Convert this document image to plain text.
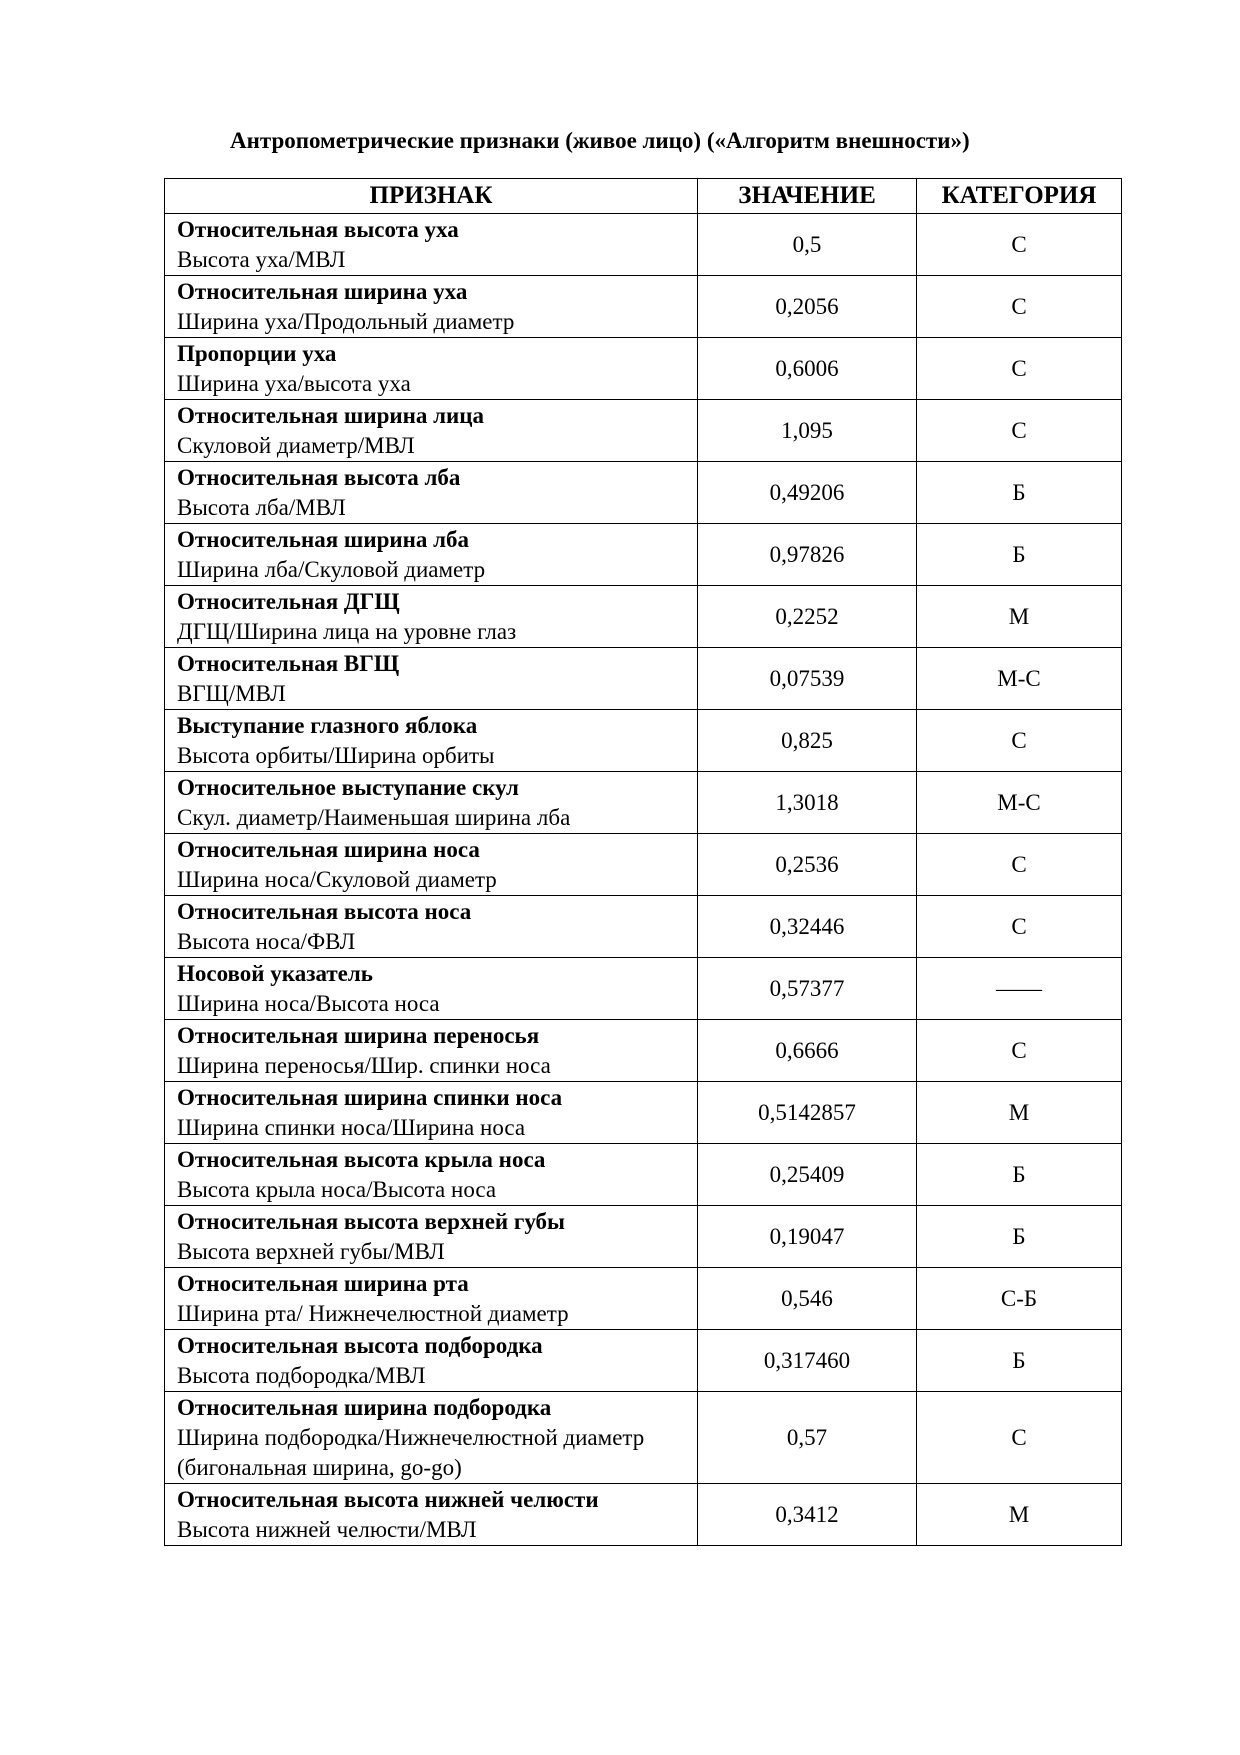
Антропометрические признаки (живое лицо) («Алгоритм внешности»)
ПРИЗНАК	ЗНАЧЕНИЕ	КАТЕГОРИЯ

Относительная высота уха
Высота уха/МВЛ	0,5	С

Относительная ширина уха
Ширина уха/Продольный диаметр	0,2056	С

Пропорции уха
Ширина уха/высота уха	0,6006	С

Относительная ширина лица
Скуловой диаметр/МВЛ	1,095	С

Относительная высота лба
Высота лба/МВЛ	0,49206	Б

Относительная ширина лба
Ширина лба/Скуловой диаметр	0,97826	Б

Относительная ДГЩ
ДГЩ/Ширина лица на уровне глаз	0,2252	М

Относительная ВГЩ
ВГЩ/МВЛ	0,07539	М-С

Выступание глазного яблока
Высота орбиты/Ширина орбиты	0,825	С

Относительное выступание скул
Скул. диаметр/Наименьшая ширина лба	1,3018	М-С

Относительная ширина носа
Ширина носа/Скуловой диаметр	0,2536	С

Относительная высота носа
Высота носа/ФВЛ	0,32446	С

Носовой указатель
Ширина носа/Высота носа	0,57377	——

Относительная ширина переносья
Ширина переносья/Шир. спинки носа	0,6666	С

Относительная ширина спинки носа
Ширина спинки носа/Ширина носа	0,5142857	М

Относительная высота крыла носа
Высота крыла носа/Высота носа	0,25409	Б

Относительная высота верхней губы
Высота верхней губы/МВЛ	0,19047	Б

Относительная ширина рта
Ширина рта/ Нижнечелюстной диаметр	0,546	С-Б

Относительная высота подбородка
Высота подбородка/МВЛ	0,317460	Б

Относительная ширина подбородка
Ширина подбородка/Нижнечелюстной диаметр (бигональная ширина, go-go)	0,57	С

Относительная высота нижней челюсти
Высота нижней челюсти/МВЛ	0,3412	М
